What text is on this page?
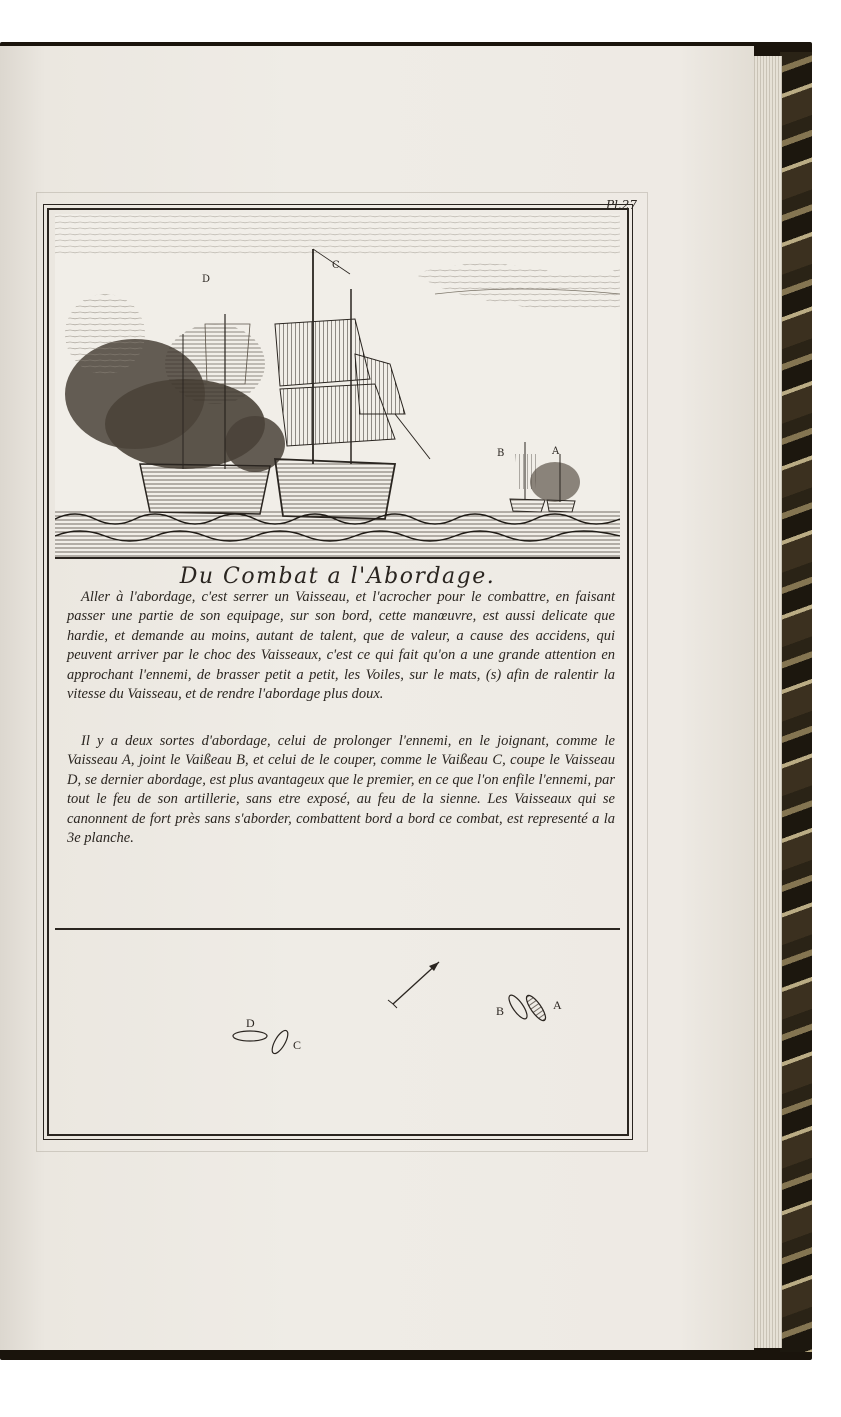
Pl.27
D
C
B	A
Du Combat a l'Abordage.

Aller à l'abordage, c'est serrer un Vaisseau, et l'acrocher pour le combattre, en faisant passer une partie de son equipage, sur son bord, cette manœuvre, est aussi delicate que hardie, et demande au moins, autant de talent, que de valeur, a cause des accidens, qui peuvent arriver par le choc des Vaisseaux, c'est ce qui fait qu'on a une grande attention en approchant l'ennemi, de brasser petit a petit, les Voiles, sur le mats, (s) afin de ralentir la vitesse du Vaisseau, et de rendre l'abordage plus doux.

Il y a deux sortes d'abordage, celui de prolonger l'ennemi, en le joignant, comme le Vaisseau A, joint le Vaißeau B, et celui de le couper, comme le Vaißeau C, coupe le Vaisseau D, se dernier abordage, est plus avantageux que le premier, en ce que l'on enfile l'ennemi, par tout le feu de son artillerie, sans etre exposé, au feu de la sienne. Les Vaisseaux qui se canonnent de fort près sans s'aborder, combattent bord a bord ce combat, est representé a la 3e planche.

D
C
B	A
